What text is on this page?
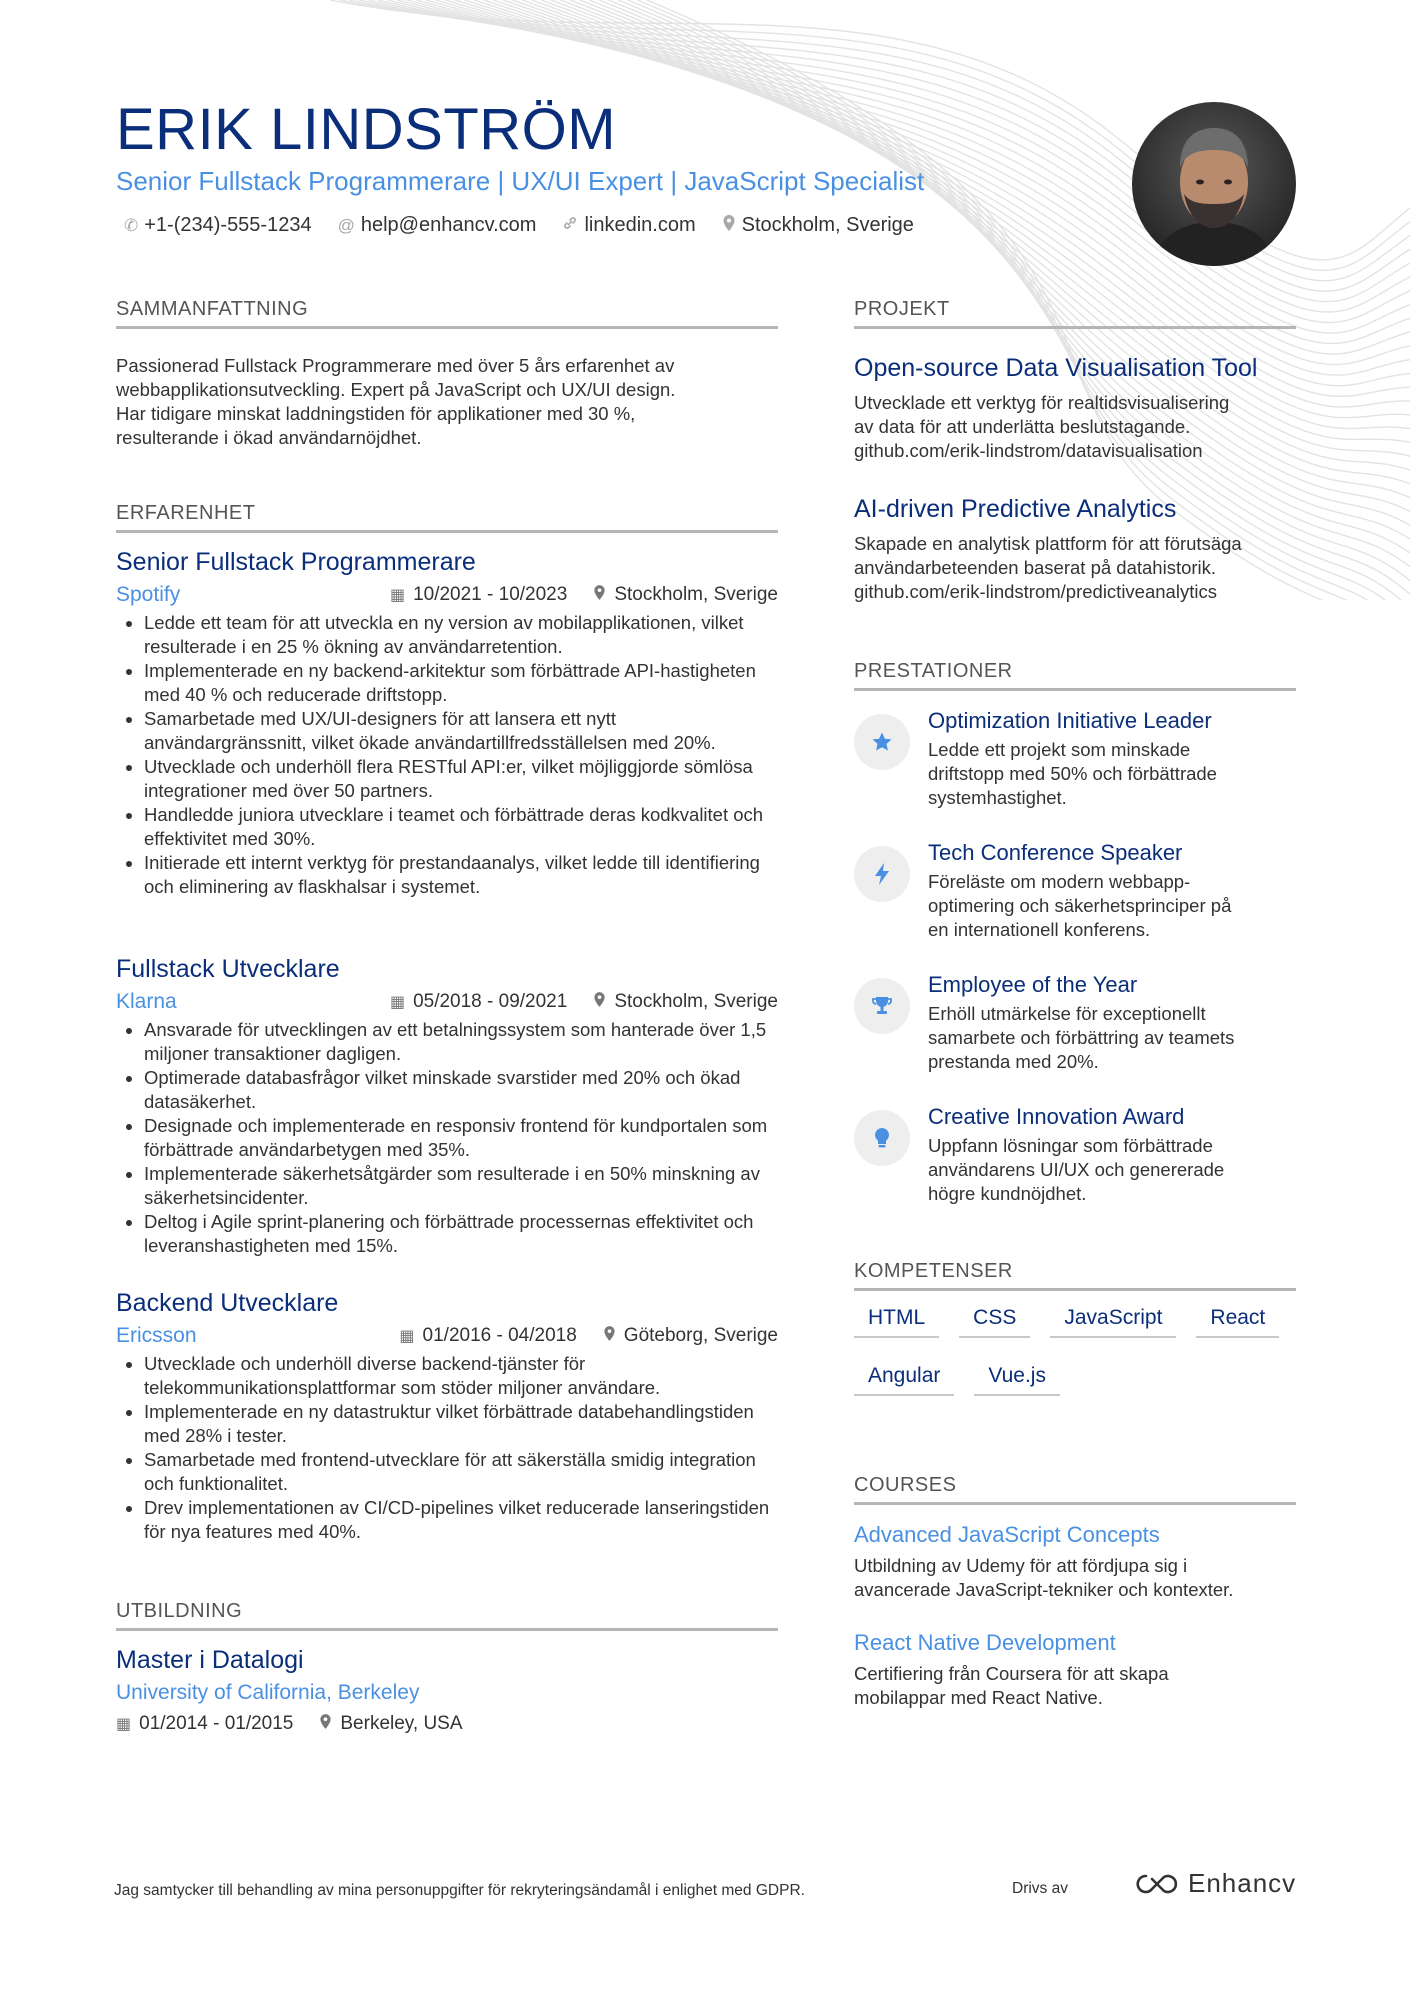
ERIK LINDSTRÖM
Senior Fullstack Programmerare | UX/UI Expert | JavaScript Specialist
✆ +1-(234)-555-1234 @ help@enhancv.com linkedin.com Stockholm, Sverige
SAMMANFATTNING
Passionerad Fullstack Programmerare med över 5 års erfarenhet av
webbapplikationsutveckling. Expert på JavaScript och UX/UI design.
Har tidigare minskat laddningstiden för applikationer med 30 %,
resulterande i ökad användarnöjdhet.
ERFARENHET
Senior Fullstack Programmerare
Spotify	▦ 10/2021 - 10/2023 Stockholm, Sverige
• Ledde ett team för att utveckla en ny version av mobilapplikationen, vilket resulterade i en 25 % ökning av användarretention.
• Implementerade en ny backend-arkitektur som förbättrade API-hastigheten med 40 % och reducerade driftstopp.
• Samarbetade med UX/UI-designers för att lansera ett nytt användargränssnitt, vilket ökade användartillfredsställelsen med 20%.
• Utvecklade och underhöll flera RESTful API:er, vilket möjliggjorde sömlösa integrationer med över 50 partners.
• Handledde juniora utvecklare i teamet och förbättrade deras kodkvalitet och effektivitet med 30%.
• Initierade ett internt verktyg för prestandaanalys, vilket ledde till identifiering och eliminering av flaskhalsar i systemet.
Fullstack Utvecklare
Klarna	▦ 05/2018 - 09/2021 Stockholm, Sverige
• Ansvarade för utvecklingen av ett betalningssystem som hanterade över 1,5 miljoner transaktioner dagligen.
• Optimerade databasfrågor vilket minskade svarstider med 20% och ökad datasäkerhet.
• Designade och implementerade en responsiv frontend för kundportalen som förbättrade användarbetygen med 35%.
• Implementerade säkerhetsåtgärder som resulterade i en 50% minskning av säkerhetsincidenter.
• Deltog i Agile sprint-planering och förbättrade processernas effektivitet och leveranshastigheten med 15%.
Backend Utvecklare
Ericsson	▦ 01/2016 - 04/2018 Göteborg, Sverige
• Utvecklade och underhöll diverse backend-tjänster för telekommunikationsplattformar som stöder miljoner användare.
• Implementerade en ny datastruktur vilket förbättrade databehandlingstiden med 28% i tester.
• Samarbetade med frontend-utvecklare för att säkerställa smidig integration och funktionalitet.
• Drev implementationen av CI/CD-pipelines vilket reducerade lanseringstiden för nya features med 40%.
UTBILDNING
Master i Datalogi
University of California, Berkeley
▦ 01/2014 - 01/2015 Berkeley, USA
PROJEKT
Open-source Data Visualisation Tool
Utvecklade ett verktyg för realtidsvisualisering
av data för att underlätta beslutstagande.
github.com/erik-lindstrom/datavisualisation
AI-driven Predictive Analytics
Skapade en analytisk plattform för att förutsäga
användarbeteenden baserat på datahistorik.
github.com/erik-lindstrom/predictiveanalytics
PRESTATIONER
Optimization Initiative Leader
Ledde ett projekt som minskade
driftstopp med 50% och förbättrade
systemhastighet.
Tech Conference Speaker
Föreläste om modern webbapp-
optimering och säkerhetsprinciper på
en internationell konferens.
Employee of the Year
Erhöll utmärkelse för exceptionellt
samarbete och förbättring av teamets
prestanda med 20%.
Creative Innovation Award
Uppfann lösningar som förbättrade
användarens UI/UX och genererade
högre kundnöjdhet.
KOMPETENSER
HTML	CSS	JavaScript	React
Angular	Vue.js
COURSES
Advanced JavaScript Concepts
Utbildning av Udemy för att fördjupa sig i
avancerade JavaScript-tekniker och kontexter.
React Native Development
Certifiering från Coursera för att skapa
mobilappar med React Native.
Jag samtycker till behandling av mina personuppgifter för rekryteringsändamål i enlighet med GDPR.	Drivs av	Enhancv
